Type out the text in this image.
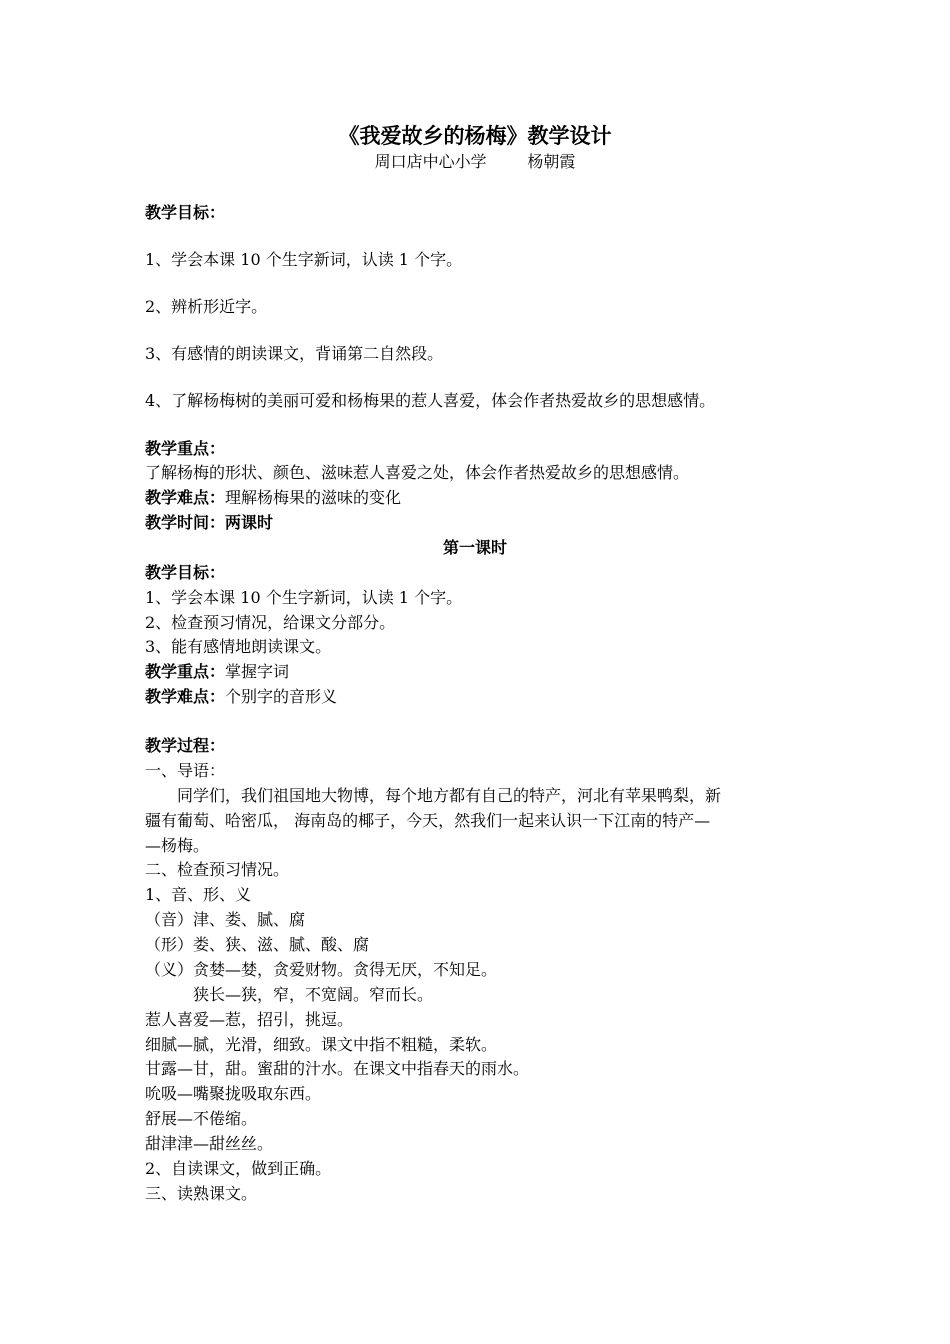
《我爱故乡的杨梅》教学设计
周口店中心小学        杨朝霞
教学目标：
1、学会本课 10 个生字新词，认读 1 个字。
2、辨析形近字。
3、有感情的朗读课文，背诵第二自然段。
4、了解杨梅树的美丽可爱和杨梅果的惹人喜爱，体会作者热爱故乡的思想感情。
教学重点：
了解杨梅的形状、颜色、滋味惹人喜爱之处，体会作者热爱故乡的思想感情。
教学难点：理解杨梅果的滋味的变化
教学时间：两课时
第一课时
教学目标：
1、学会本课 10 个生字新词，认读 1 个字。
2、检查预习情况，给课文分部分。
3、能有感情地朗读课文。
教学重点：掌握字词
教学难点：个别字的音形义
教学过程：
一、导语：
　　同学们，我们祖国地大物博，每个地方都有自己的特产，河北有苹果鸭梨，新
疆有葡萄、哈密瓜， 海南岛的椰子，今天，然我们一起来认识一下江南的特产—
—杨梅。
二、检查预习情况。
1、音、形、义
（音）津、娄、腻、腐
（形）娄、狭、滋、腻、酸、腐
（义）贪婪—婪，贪爱财物。贪得无厌，不知足。
　　　狭长—狭，窄，不宽阔。窄而长。
惹人喜爱—惹，招引，挑逗。
细腻—腻，光滑，细致。课文中指不粗糙，柔软。
甘露—甘，甜。蜜甜的汁水。在课文中指春天的雨水。
吮吸—嘴聚拢吸取东西。
舒展—不倦缩。
甜津津—甜丝丝。
2、自读课文，做到正确。
三、读熟课文。
